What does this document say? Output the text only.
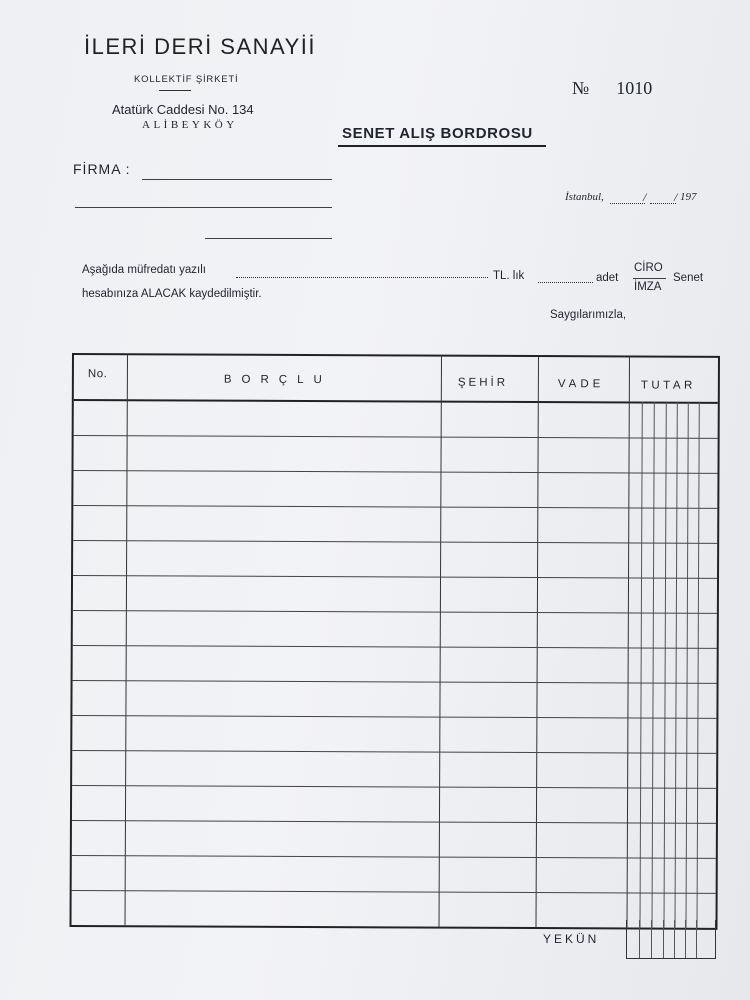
İLERİ DERİ SANAYİİ
KOLLEKTİF ŞİRKETİ
Atatürk Caddesi No. 134
ALİBEYKÖY
№ 1010
SENET ALIŞ BORDROSU
FİRMA :
İstanbul,	/ / 197
Aşağıda müfredatı yazılı	TL. lık	adet
CİRO
İMZA
Senet
hesabınıza ALACAK kaydedilmiştir.
Saygılarımızla,
No.	BORÇLU	ŞEHİR	VADE	TUTAR
YEKÜN
